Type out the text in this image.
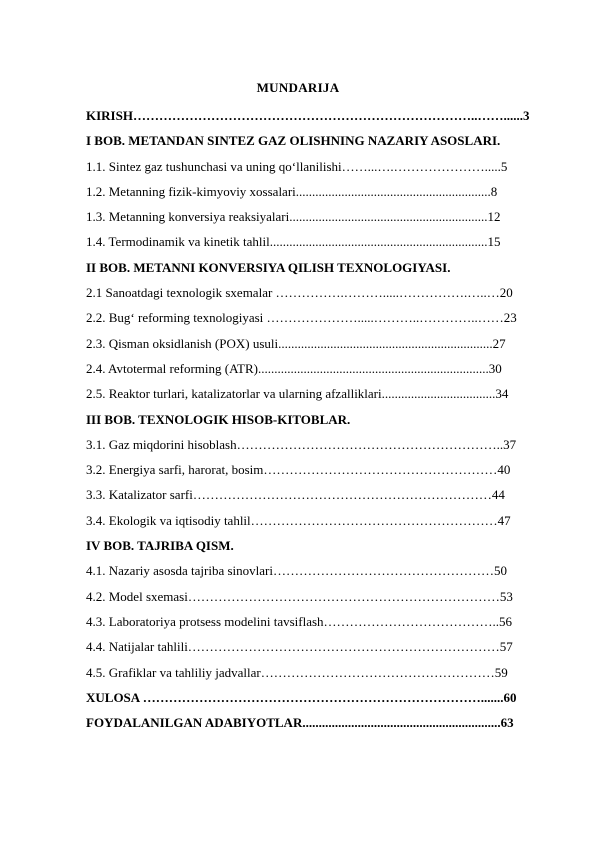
MUNDARIJA
KIRISH……………………………………………………………………..……......3
I BOB. METANDAN SINTEZ GAZ OLISHNING NAZARIY ASOSLARI.
1.1. Sintez gaz tushunchasi va uning qo‘llanilishi……...….………………….....5
1.2. Metanning fizik-kimyoviy xossalari............................................................8
1.3. Metanning konversiya reaksiyalari.............................................................12
1.4. Termodinamik va kinetik tahlil...................................................................15
II BOB. METANNI KONVERSIYA QILISH TEXNOLOGIYASI.
2.1 Sanoatdagi texnologik sxemalar …………….……….....…………….…..…20
2.2. Bug‘ reforming texnologiyasi ………………….....………..…………..……23
2.3. Qisman oksidlanish (POX) usuli..................................................................27
2.4. Avtotermal reforming (ATR).......................................................................30
2.5. Reaktor turlari, katalizatorlar va ularning afzalliklari...................................34
III BOB. TEXNOLOGIK HISOB-KITOBLAR.
3.1. Gaz miqdorini hisoblash……………………………………………………..37
3.2. Energiya sarfi, harorat, bosim………………………………………………40
3.3. Katalizator sarfi……………………………………………………………44
3.4. Ekologik va iqtisodiy tahlil…………………………………………………47
IV BOB. TAJRIBA QISM.
4.1. Nazariy asosda tajriba sinovlari……………………………………………50
4.2. Model sxemasi………………………………………………………………53
4.3. Laboratoriya protsess modelini tavsiflash…………………………………..56
4.4. Natijalar tahlili………………………………………………………………57
4.5. Grafiklar va tahliliy jadvallar………………………………………………59
XULOSA …………………………………………………………………….......60
FOYDALANILGAN ADABIYOTLAR.............................................................63
